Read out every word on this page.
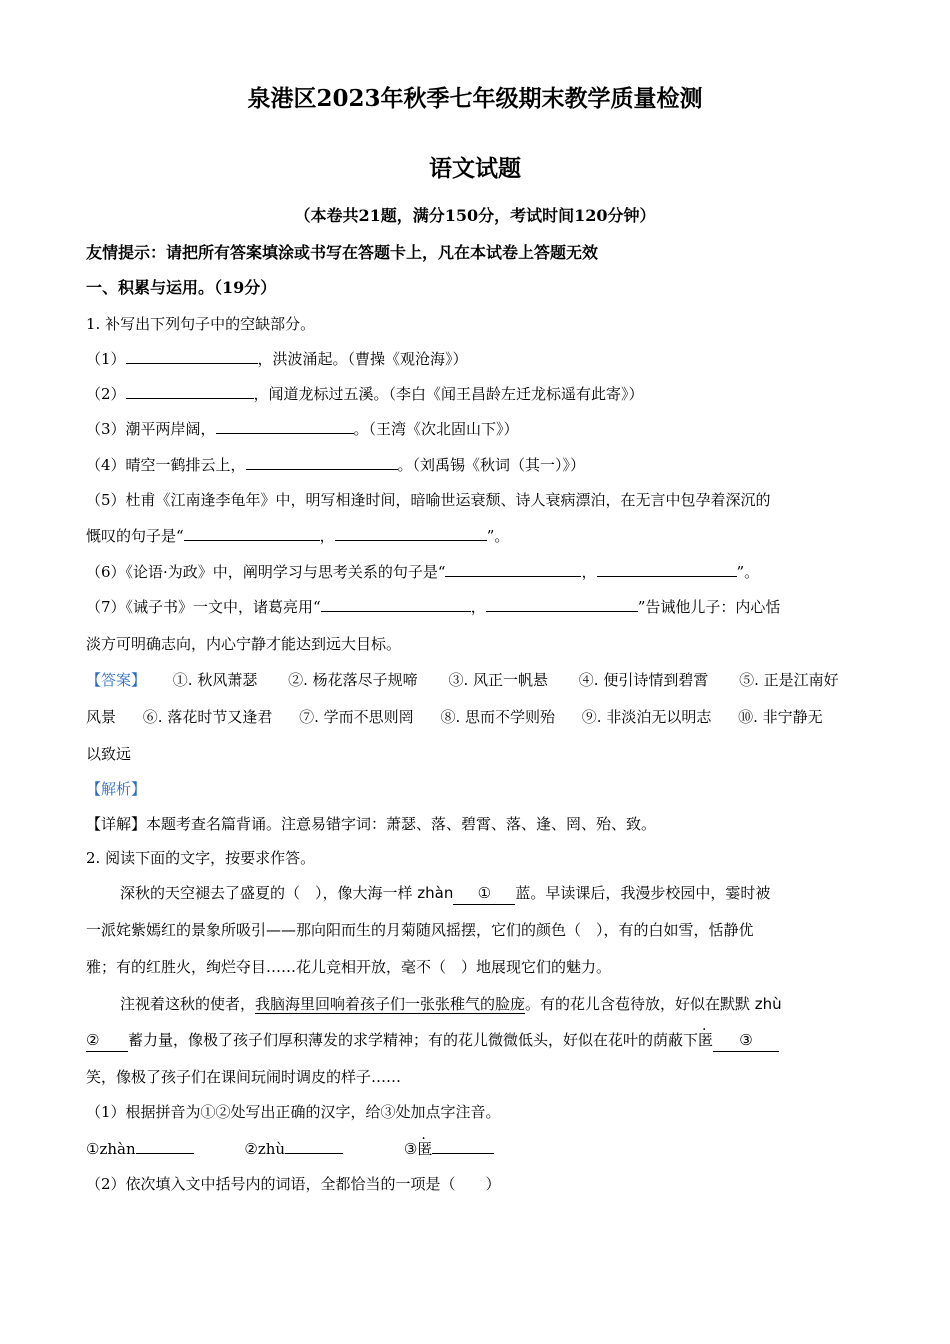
泉港区2023年秋季七年级期末教学质量检测
语文试题
（本卷共21题，满分150分，考试时间120分钟）
友情提示：请把所有答案填涂或书写在答题卡上，凡在本试卷上答题无效
一、积累与运用。（19分）
1. 补写出下列句子中的空缺部分。
（1）	，洪波涌起。（曹操《观沧海》）
（2）	，闻道龙标过五溪。（李白《闻王昌龄左迁龙标遥有此寄》）
（3）潮平两岸阔，	。（王湾《次北固山下》）
（4）晴空一鹤排云上，	。（刘禹锡《秋词（其一）》）
（5）杜甫《江南逢李龟年》中，明写相逢时间，暗喻世运衰颓、诗人衰病漂泊，在无言中包孕着深沉的
慨叹的句子是“	，	”。
（6）《论语·为政》中，阐明学习与思考关系的句子是“	，	”。
（7）《诫子书》一文中，诸葛亮用“	，	”告诫他儿子：内心恬
淡方可明确志向，内心宁静才能达到远大目标。
【答案】 ①. 秋风萧瑟 ②. 杨花落尽子规啼 ③. 风正一帆悬 ④. 便引诗情到碧霄 ⑤. 正是江南好
风景 ⑥. 落花时节又逢君 ⑦. 学而不思则罔 ⑧. 思而不学则殆 ⑨. 非淡泊无以明志 ⑩. 非宁静无
以致远
【解析】
【详解】本题考查名篇背诵。注意易错字词：萧瑟、落、碧霄、落、逢、罔、殆、致。
2. 阅读下面的文字，按要求作答。
深秋的天空褪去了盛夏的（　），像大海一样 zhàn ① 蓝。早读课后，我漫步校园中，霎时被
一派姹紫嫣红的景象所吸引——那向阳而生的月菊随风摇摆，它们的颜色（　），有的白如雪，恬静优
雅；有的红胜火，绚烂夺目……花儿竞相开放，毫不（　）地展现它们的魅力。
注视着这秋的使者，我脑海里回响着孩子们一张张稚气的脸庞。有的花儿含苞待放，好似在默默 zhù
② 蓄力量，像极了孩子们厚积薄发的求学精神；有的花儿微微低头，好似在花叶的荫蔽下匿 ③
笑，像极了孩子们在课间玩闹时调皮的样子……
（1）根据拼音为①②处写出正确的汉字，给③处加点字注音。
①zhàn	②zhù	③匿
（2）依次填入文中括号内的词语，全都恰当的一项是（　　）
